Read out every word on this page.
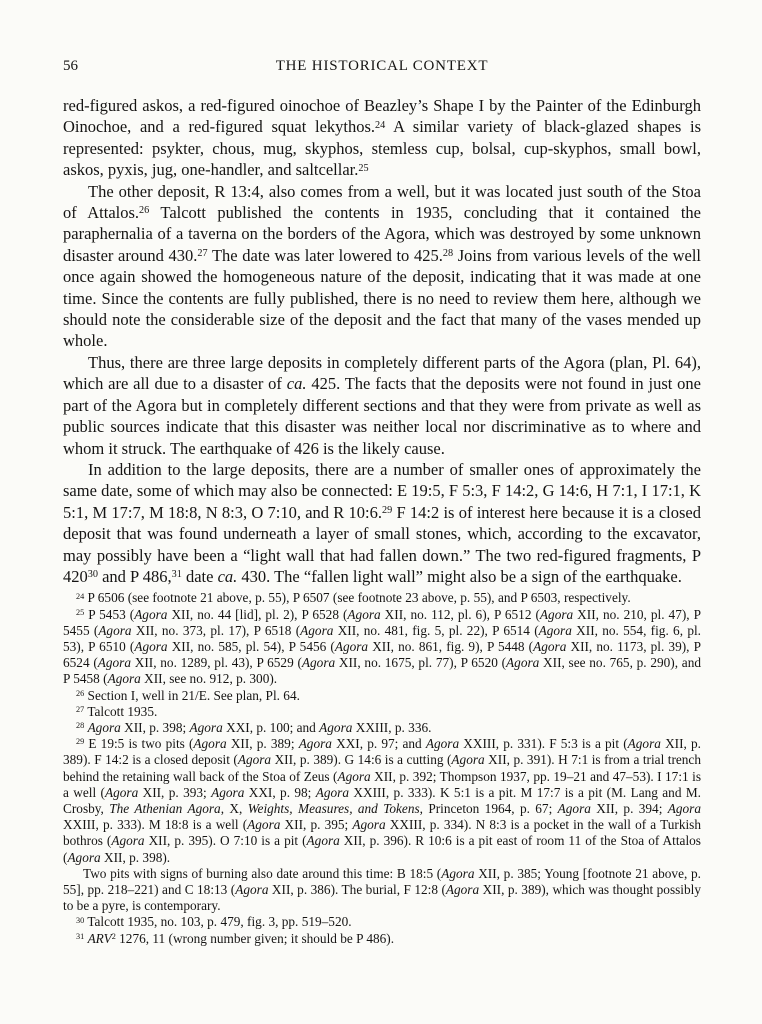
56	THE HISTORICAL CONTEXT

red-figured askos, a red-figured oinochoe of Beazley’s Shape I by the Painter of the Edinburgh Oinochoe, and a red-figured squat lekythos.$^{24}$ A similar variety of black-glazed shapes is represented: psykter, chous, mug, skyphos, stemless cup, bolsal, cup-skyphos, small bowl, askos, pyxis, jug, one-handler, and saltcellar.$^{25}$

The other deposit, R 13:4, also comes from a well, but it was located just south of the Stoa of Attalos.$^{26}$ Talcott published the contents in 1935, concluding that it contained the paraphernalia of a taverna on the borders of the Agora, which was destroyed by some unknown disaster around 430.27 The date was later lowered to 425.28 Joins from various levels of the well once again showed the homogeneous nature of the deposit, indicating that it was made at one time. Since the contents are fully published, there is no need to review them here, although we should note the considerable size of the deposit and the fact that many of the vases mended up whole.

Thus, there are three large deposits in completely different parts of the Agora (plan, Pl. 64), which are all due to a disaster of ca. 425. The facts that the deposits were not found in just one part of the Agora but in completely different sections and that they were from private as well as public sources indicate that this disaster was neither local nor discriminative as to where and whom it struck. The earthquake of 426 is the likely cause.

In addition to the large deposits, there are a number of smaller ones of approximately the same date, some of which may also be connected: E 19:5, F 5:3, F 14:2, G 14:6, H 7:1, I 17:1, K 5:1, M 17:7, M 18:8, N 8:3, O 7:10, and R 10:6.29 F 14:2 is of interest here because it is a closed deposit that was found underneath a layer of small stones, which, according to the excavator, may possibly have been a “light wall that had fallen down.” The two red-figured fragments, P $420^{30}$ and P 486,31 date ca. 430. The “fallen light wall” might also be a sign of the earthquake.

$^{24}$ P 6506 (see footnote 21 above, p. 55), P 6507 (see footnote 23 above, p. 55), and P 6503, respectively.

$^{25}$ P 5453 (Agora XII, no. 44 [lid], pl. 2), P 6528 (Agora XII, no. 112, pl. 6), P 6512 (Agora XII, no. 210, pl. 47), P 5455 (Agora XII, no. 373, pl. 17), P 6518 (Agora XII, no. 481, fig. 5, pl. 22), P 6514 (Agora XII, no. 554, fig. 6, pl. 53), P 6510 (Agora XII, no. 585, pl. 54), P 5456 (Agora XII, no. 861, fig. 9), P 5448 (Agora XII, no. 1173, pl. 39), P 6524 (Agora XII, no. 1289, pl. 43), P 6529 (Agora XII, no. 1675, pl. 77), P 6520 (Agora XII, see no. 765, p. 290), and P 5458 (Agora XII, see no. 912, p. 300).

$^{26}$ Section I, well in 21/E. See plan, Pl. 64.

$^{27}$ Talcott 1935.

$^{28}$ Agora XII, p. 398; Agora XXI, p. 100; and Agora XXIII, p. 336.

$^{29}$ E 19:5 is two pits (Agora XII, p. 389; Agora XXI, p. 97; and Agora XXIII, p. 331). F 5:3 is a pit (Agora XII, p. 389). F 14:2 is a closed deposit (Agora XII, p. 389). G 14:6 is a cutting (Agora XII, p. 391). H 7:1 is from a trial trench behind the retaining wall back of the Stoa of Zeus (Agora XII, p. 392; Thompson 1937, pp. 19–21 and 47–53). I 17:1 is a well (Agora XII, p. 393; Agora XXI, p. 98; Agora XXIII, p. 333). K 5:1 is a pit. M 17:7 is a pit (M. Lang and M. Crosby, The Athenian Agora, X, Weights, Measures, and Tokens, Princeton 1964, p. 67; Agora XII, p. 394; Agora XXIII, p. 333). M 18:8 is a well (Agora XII, p. 395; Agora XXIII, p. 334). N 8:3 is a pocket in the wall of a Turkish bothros (Agora XII, p. 395). O 7:10 is a pit (Agora XII, p. 396). R 10:6 is a pit east of room 11 of the Stoa of Attalos (Agora XII, p. 398).

Two pits with signs of burning also date around this time: B 18:5 (Agora XII, p. 385; Young [footnote 21 above, p. 55], pp. 218–221) and C 18:13 (Agora XII, p. 386). The burial, F 12:8 (Agora XII, p. 389), which was thought possibly to be a pyre, is contemporary.

$^{30}$ Talcott 1935, no. 103, p. 479, fig. 3, pp. 519–520.

$^{31}$ ARV$^2$ 1276, 11 (wrong number given; it should be P 486).
